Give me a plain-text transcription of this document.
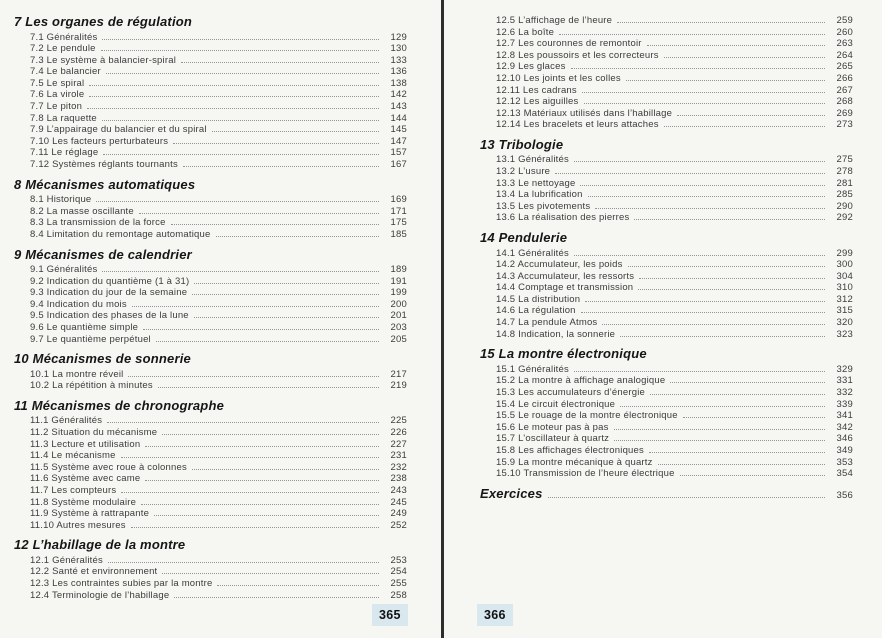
7 Les organes de régulation
7.1 Généralités	129
7.2 Le pendule	130
7.3 Le système à balancier-spiral	133
7.4 Le balancier	136
7.5 Le spiral	138
7.6 La virole	142
7.7 Le piton	143
7.8 La raquette	144
7.9 L’appairage du balancier et du spiral	145
7.10 Les facteurs perturbateurs	147
7.11 Le réglage	157
7.12 Systèmes réglants tournants	167
8 Mécanismes automatiques
8.1 Historique	169
8.2 La masse oscillante	171
8.3 La transmission de la force	175
8.4 Limitation du remontage automatique	185
9 Mécanismes de calendrier
9.1 Généralités	189
9.2 Indication du quantième (1 à 31)	191
9.3 Indication du jour de la semaine	199
9.4 Indication du mois	200
9.5 Indication des phases de la lune	201
9.6 Le quantième simple	203
9.7 Le quantième perpétuel	205
10 Mécanismes de sonnerie
10.1 La montre réveil	217
10.2 La répétition à minutes	219
11 Mécanismes de chronographe
11.1 Généralités	225
11.2 Situation du mécanisme	226
11.3 Lecture et utilisation	227
11.4 Le mécanisme	231
11.5 Système avec roue à colonnes	232
11.6 Système avec came	238
11.7 Les compteurs	243
11.8 Système modulaire	245
11.9 Système à rattrapante	249
11.10 Autres mesures	252
12 L’habillage de la montre
12.1 Généralités	253
12.2 Santé et environnement	254
12.3 Les contraintes subies par la montre	255
12.4 Terminologie de l’habillage	258
12.5 L’affichage de l’heure	259
12.6 La boîte	260
12.7 Les couronnes de remontoir	263
12.8 Les poussoirs et les correcteurs	264
12.9 Les glaces	265
12.10 Les joints et les colles	266
12.11 Les cadrans	267
12.12 Les aiguilles	268
12.13 Matériaux utilisés dans l’habillage	269
12.14 Les bracelets et leurs attaches	273
13 Tribologie
13.1 Généralités	275
13.2 L’usure	278
13.3 Le nettoyage	281
13.4 La lubrification	285
13.5 Les pivotements	290
13.6 La réalisation des pierres	292
14 Pendulerie
14.1 Généralités	299
14.2 Accumulateur, les poids	300
14.3 Accumulateur, les ressorts	304
14.4 Comptage et transmission	310
14.5 La distribution	312
14.6 La régulation	315
14.7 La pendule Atmos	320
14.8 Indication, la sonnerie	323
15 La montre électronique
15.1 Généralités	329
15.2 La montre à affichage analogique	331
15.3 Les accumulateurs d’énergie	332
15.4 Le circuit électronique	339
15.5 Le rouage de la montre électronique	341
15.6 Le moteur pas à pas	342
15.7 L’oscillateur à quartz	346
15.8 Les affichages électroniques	349
15.9 La montre mécanique à quartz	353
15.10 Transmission de l’heure électrique	354
Exercices	356
365	366
